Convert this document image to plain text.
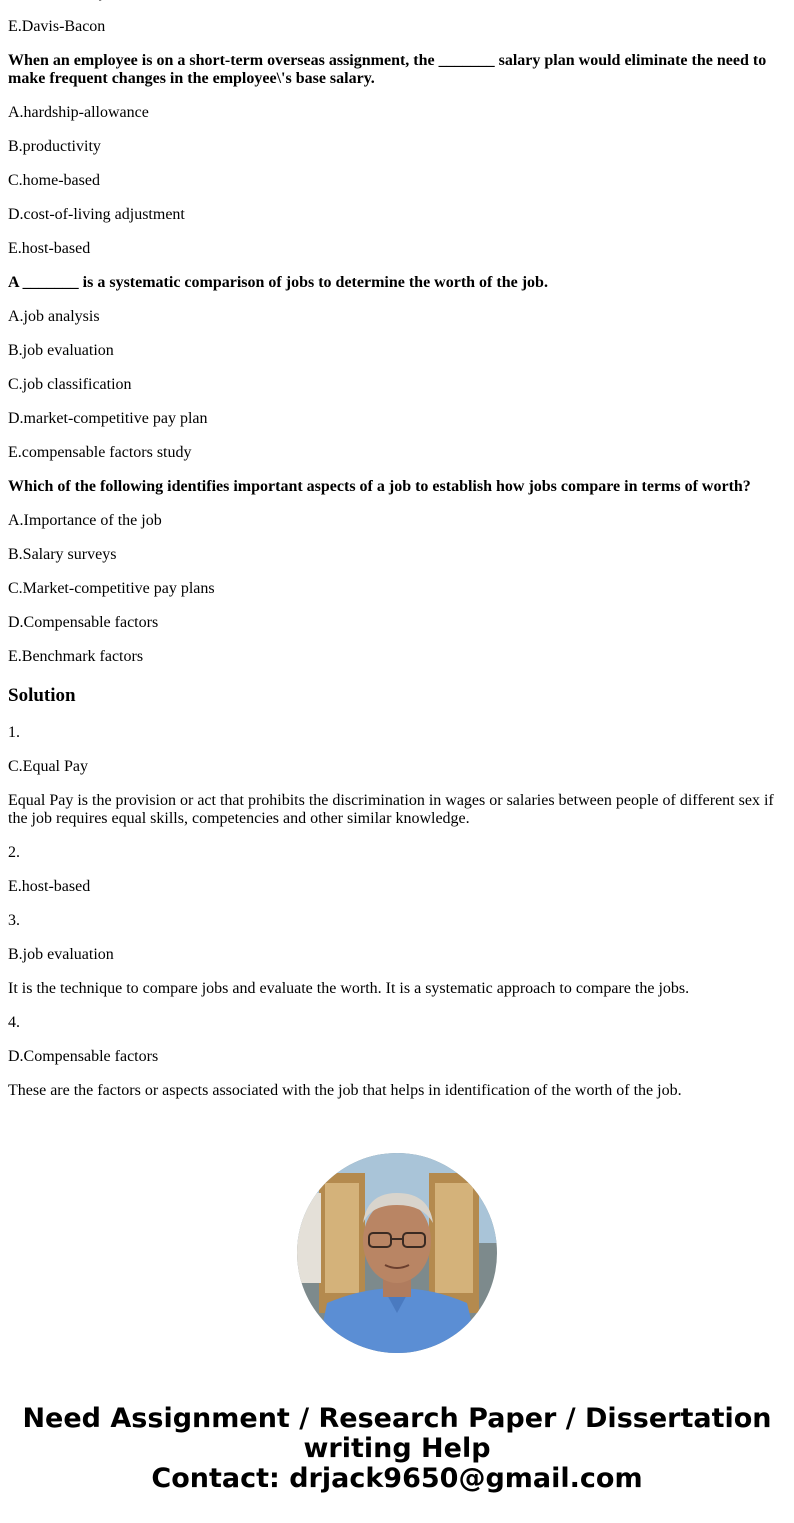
E.Davis-Bacon

When an employee is on a short-term overseas assignment, the _______ salary plan would eliminate the need to make frequent changes in the employee\'s base salary.

A.hardship-allowance

B.productivity

C.home-based

D.cost-of-living adjustment

E.host-based

A _______ is a systematic comparison of jobs to determine the worth of the job.

A.job analysis

B.job evaluation

C.job classification

D.market-competitive pay plan

E.compensable factors study

Which of the following identifies important aspects of a job to establish how jobs compare in terms of worth?

A.Importance of the job

B.Salary surveys

C.Market-competitive pay plans

D.Compensable factors

E.Benchmark factors

Solution

1.

C.Equal Pay

Equal Pay is the provision or act that prohibits the discrimination in wages or salaries between people of different sex if the job requires equal skills, competencies and other similar knowledge.

2.

E.host-based

3.

B.job evaluation

It is the technique to compare jobs and evaluate the worth. It is a systematic approach to compare the jobs.

4.

D.Compensable factors

These are the factors or aspects associated with the job that helps in identification of the worth of the job.

Need Assignment / Research Paper / Dissertation
writing Help
Contact: drjack9650@gmail.com
